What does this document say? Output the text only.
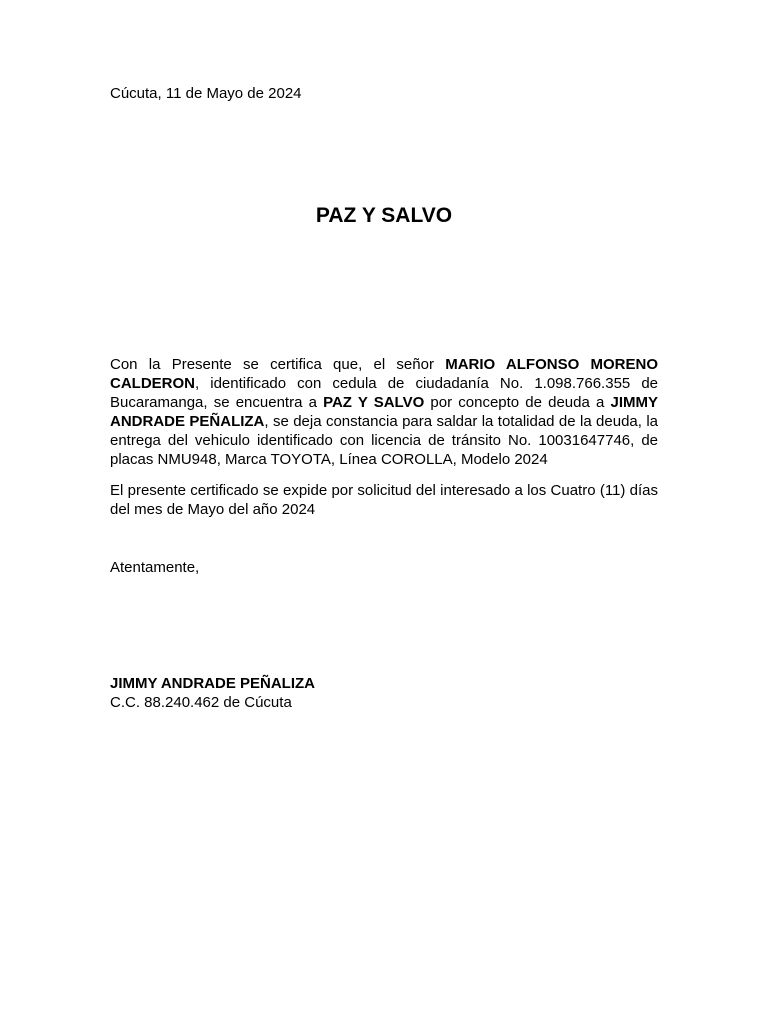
Cúcuta, 11 de Mayo de 2024
PAZ Y SALVO
Con la Presente se certifica que, el señor MARIO ALFONSO MORENO CALDERON, identificado con cedula de ciudadanía No. 1.098.766.355 de Bucaramanga, se encuentra a PAZ Y SALVO por concepto de deuda a JIMMY ANDRADE PEÑALIZA, se deja constancia para saldar la totalidad de la deuda, la entrega del vehiculo identificado con licencia de tránsito No. 10031647746, de placas NMU948, Marca TOYOTA, Línea COROLLA, Modelo 2024
El presente certificado se expide por solicitud del interesado a los Cuatro (11) días del mes de Mayo del año 2024
Atentamente,
JIMMY ANDRADE PEÑALIZA
C.C. 88.240.462 de Cúcuta
